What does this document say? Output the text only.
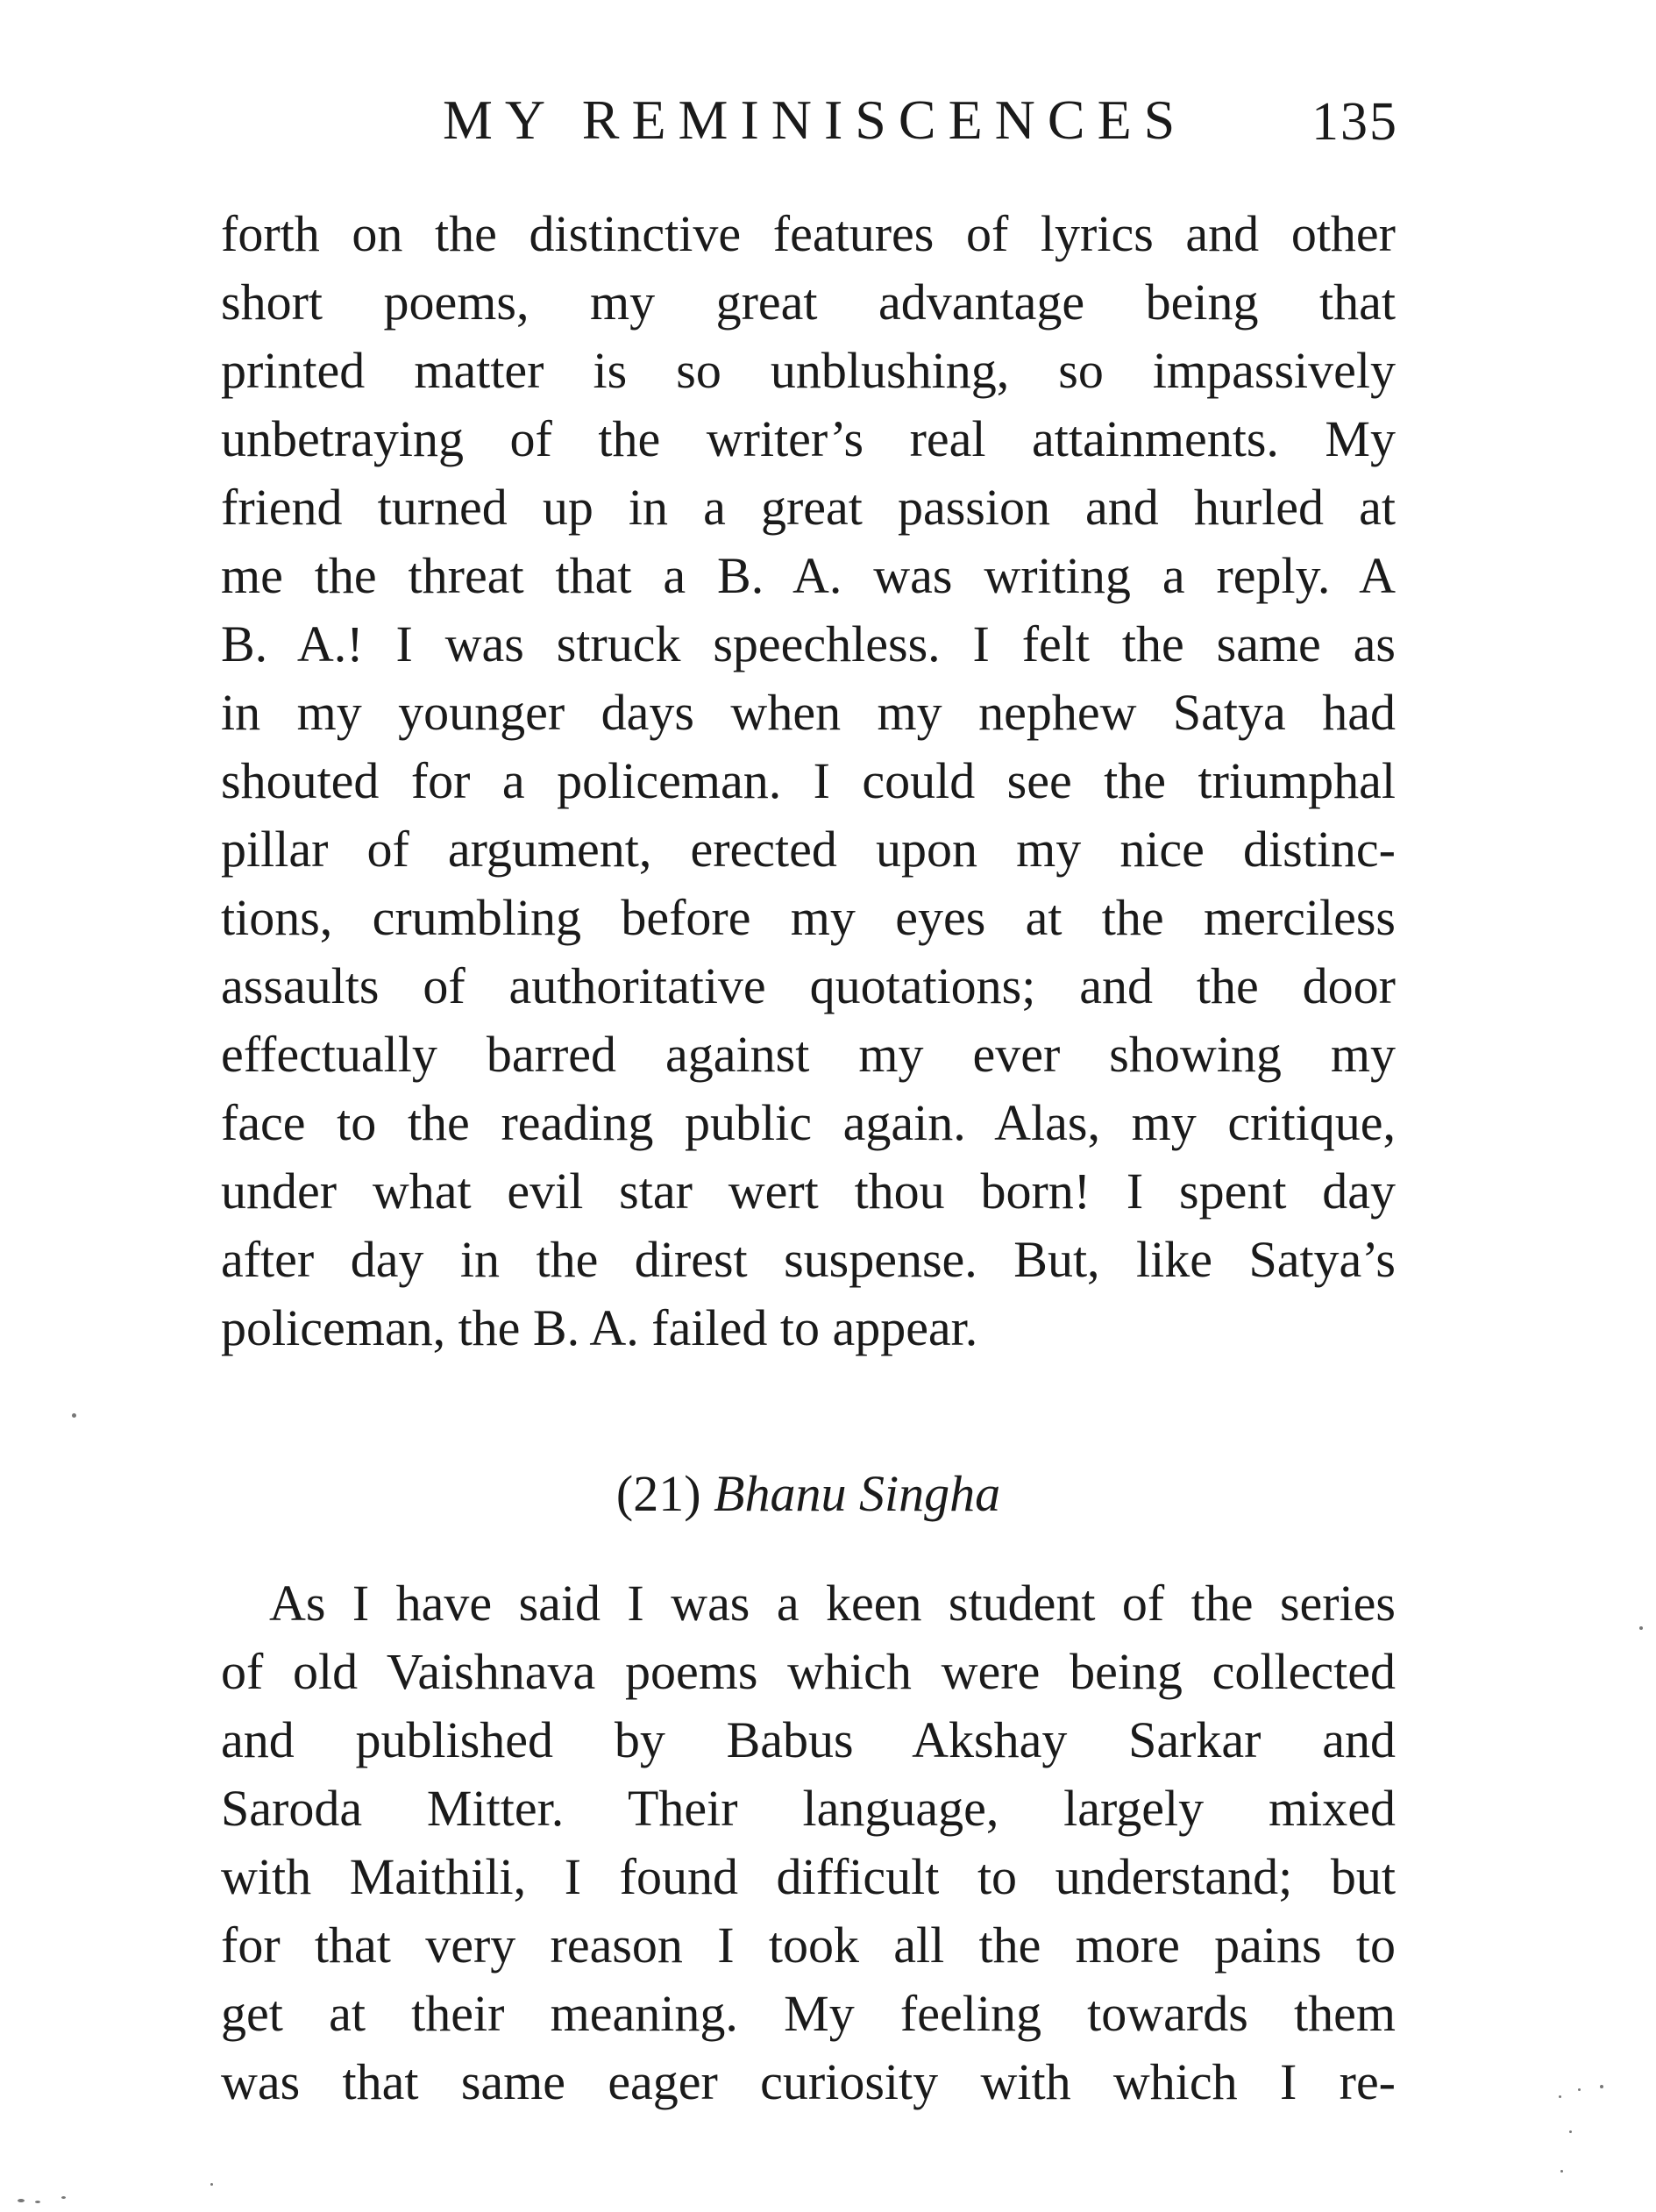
MY REMINISCENCES 135
forth on the distinctive features of lyrics and other
short poems, my great advantage being that
printed matter is so unblushing, so impassively
unbetraying of the writer’s real attainments. My
friend turned up in a great passion and hurled at
me the threat that a B. A. was writing a reply. A
B. A.! I was struck speechless. I felt the same as
in my younger days when my nephew Satya had
shouted for a policeman. I could see the triumphal
pillar of argument, erected upon my nice distinc-
tions, crumbling before my eyes at the merciless
assaults of authoritative quotations; and the door
effectually barred against my ever showing my
face to the reading public again. Alas, my critique,
under what evil star wert thou born! I spent day
after day in the direst suspense. But, like Satya’s
policeman, the B. A. failed to appear.
(21) Bhanu Singha
As I have said I was a keen student of the series
of old Vaishnava poems which were being collected
and published by Babus Akshay Sarkar and
Saroda Mitter. Their language, largely mixed
with Maithili, I found difficult to understand; but
for that very reason I took all the more pains to
get at their meaning. My feeling towards them
was that same eager curiosity with which I re-
